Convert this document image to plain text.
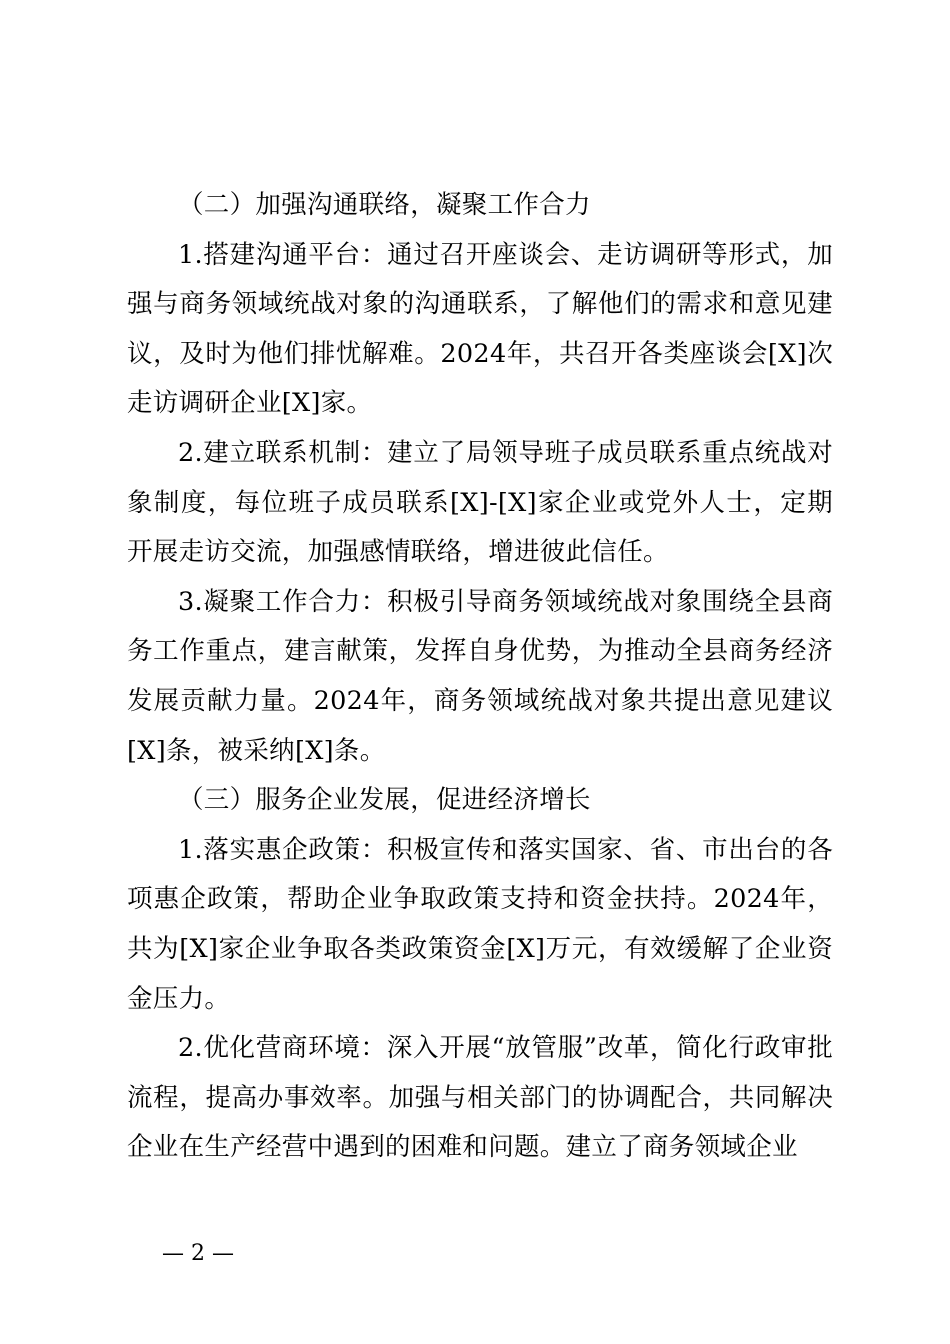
（二）加强沟通联络，凝聚工作合力

1.搭建沟通平台：通过召开座谈会、走访调研等形式，加强与商务领域统战对象的沟通联系，了解他们的需求和意见建议，及时为他们排忧解难。2024年，共召开各类座谈会[X]次走访调研企业[X]家。

2.建立联系机制：建立了局领导班子成员联系重点统战对象制度，每位班子成员联系[X]-[X]家企业或党外人士，定期开展走访交流，加强感情联络，增进彼此信任。

3.凝聚工作合力：积极引导商务领域统战对象围绕全县商务工作重点，建言献策，发挥自身优势，为推动全县商务经济发展贡献力量。2024年，商务领域统战对象共提出意见建议[X]条，被采纳[X]条。

（三）服务企业发展，促进经济增长

1.落实惠企政策：积极宣传和落实国家、省、市出台的各项惠企政策，帮助企业争取政策支持和资金扶持。2024年，共为[X]家企业争取各类政策资金[X]万元，有效缓解了企业资金压力。

2.优化营商环境：深入开展“放管服”改革，简化行政审批流程，提高办事效率。加强与相关部门的协调配合，共同解决企业在生产经营中遇到的困难和问题。建立了商务领域企业

— 2 —
